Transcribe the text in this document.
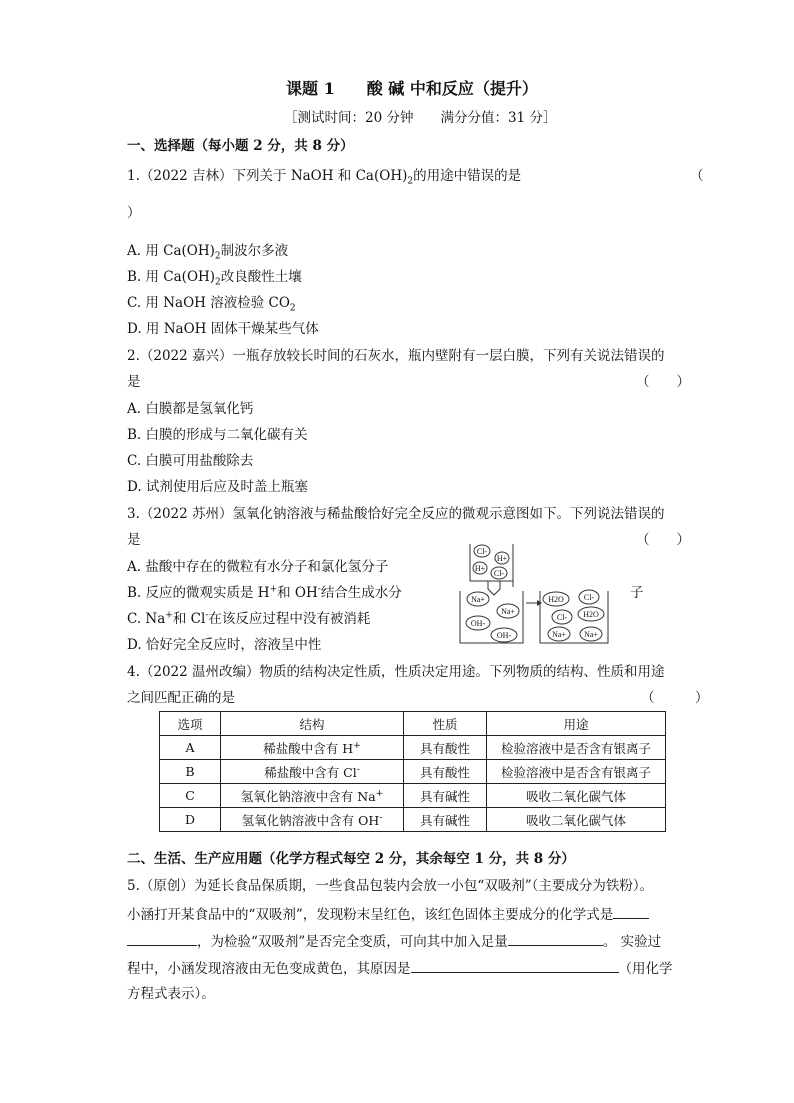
课题 1　　酸 碱 中和反应（提升）
［测试时间：20 分钟　　满分分值：31 分］
一、选择题（每小题 2 分，共 8 分）
1.（2022 吉林）下列关于 NaOH 和 $Ca(OH)_2$的用途中错误的是	（
）
A. 用 $Ca(OH)_2$制波尔多液
B. 用 $Ca(OH)_2$改良酸性土壤
C. 用 NaOH 溶液检验 $CO_2$
D. 用 NaOH 固体干燥某些气体
2.（2022 嘉兴）一瓶存放较长时间的石灰水，瓶内壁附有一层白膜，下列有关说法错误的
是	（　　）
A. 白膜都是氢氧化钙
B. 白膜的形成与二氧化碳有关
C. 白膜可用盐酸除去
D. 试剂使用后应及时盖上瓶塞
3.（2022 苏州）氢氧化钠溶液与稀盐酸恰好完全反应的微观示意图如下。下列说法错误的
是	（　　）
A. 盐酸中存在的微粒有水分子和氯化氢分子
B. 反应的微观实质是 H+和 OH-结合生成水分	子
C. Na+和 Cl-在该反应过程中没有被消耗
D. 恰好完全反应时，溶液呈中性
Cl-
H+
H+
Cl-
Na+
Na+
OH-
OH-
H2O	Cl-
Cl- H2O
Na+ Na+
4.（2022 温州改编）物质的结构决定性质，性质决定用途。下列物质的结构、性质和用途
之间匹配正确的是	（　　　）
选项	结构	性质	用途
A	稀盐酸中含有 H+	具有酸性	检验溶液中是否含有银离子
B	稀盐酸中含有 Cl-	具有酸性	检验溶液中是否含有银离子
C	氢氧化钠溶液中含有 Na+	具有碱性	吸收二氧化碳气体
D	氢氧化钠溶液中含有 OH-	具有碱性	吸收二氧化碳气体
二、生活、生产应用题（化学方程式每空 2 分，其余每空 1 分，共 8 分）
5.（原创）为延长食品保质期，一些食品包装内会放一小包“双吸剂”（主要成分为铁粉）。
小涵打开某食品中的“双吸剂”，发现粉末呈红色，该红色固体主要成分的化学式是
，为检验“双吸剂”是否完全变质，可向其中加入足量	。 实验过
程中，小涵发现溶液由无色变成黄色，其原因是	（用化学
方程式表示）。
